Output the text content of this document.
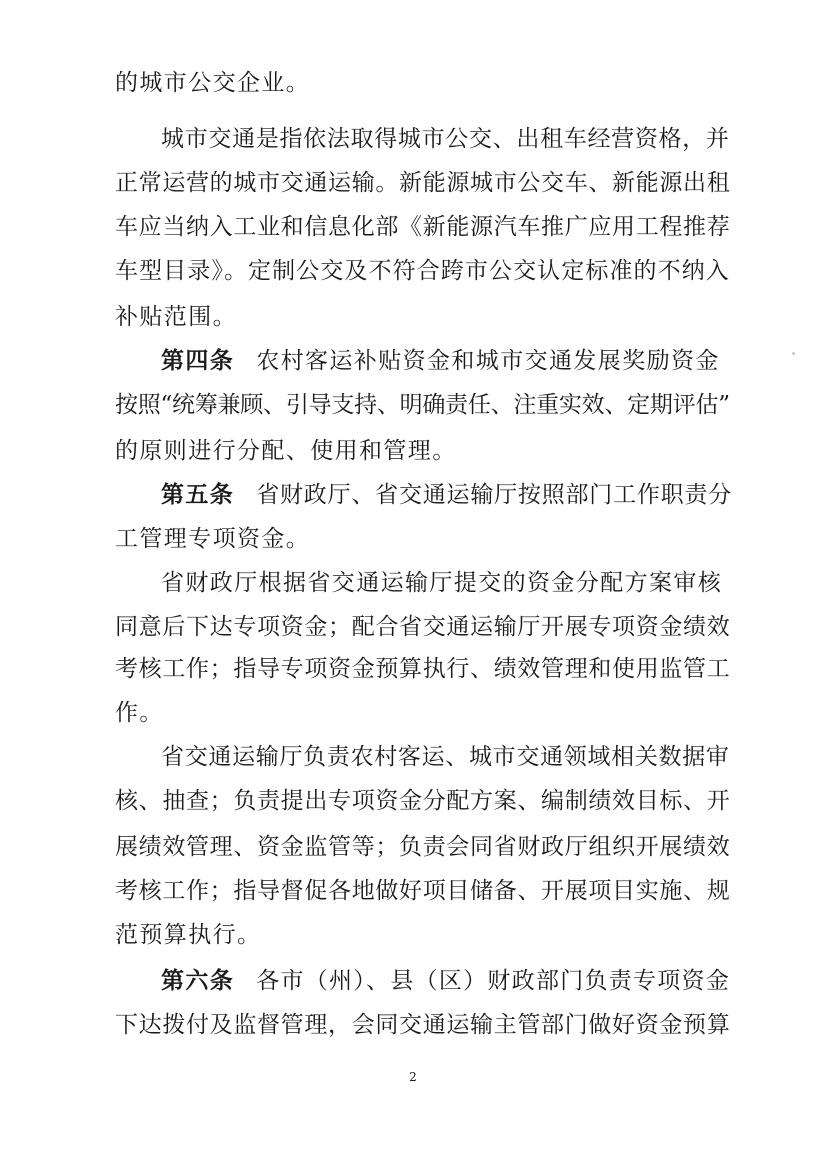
的城市公交企业。
城市交通是指依法取得城市公交、出租车经营资格，并
正常运营的城市交通运输。新能源城市公交车、新能源出租
车应当纳入工业和信息化部《新能源汽车推广应用工程推荐
车型目录》。定制公交及不符合跨市公交认定标准的不纳入
补贴范围。
第四条 农村客运补贴资金和城市交通发展奖励资金
按照“统筹兼顾、引导支持、明确责任、注重实效、定期评估”
的原则进行分配、使用和管理。
第五条 省财政厅、省交通运输厅按照部门工作职责分
工管理专项资金。
省财政厅根据省交通运输厅提交的资金分配方案审核
同意后下达专项资金；配合省交通运输厅开展专项资金绩效
考核工作；指导专项资金预算执行、绩效管理和使用监管工
作。
省交通运输厅负责农村客运、城市交通领域相关数据审
核、抽查；负责提出专项资金分配方案、编制绩效目标、开
展绩效管理、资金监管等；负责会同省财政厅组织开展绩效
考核工作；指导督促各地做好项目储备、开展项目实施、规
范预算执行。
第六条 各市（州）、县（区）财政部门负责专项资金
下达拨付及监督管理，会同交通运输主管部门做好资金预算
2
